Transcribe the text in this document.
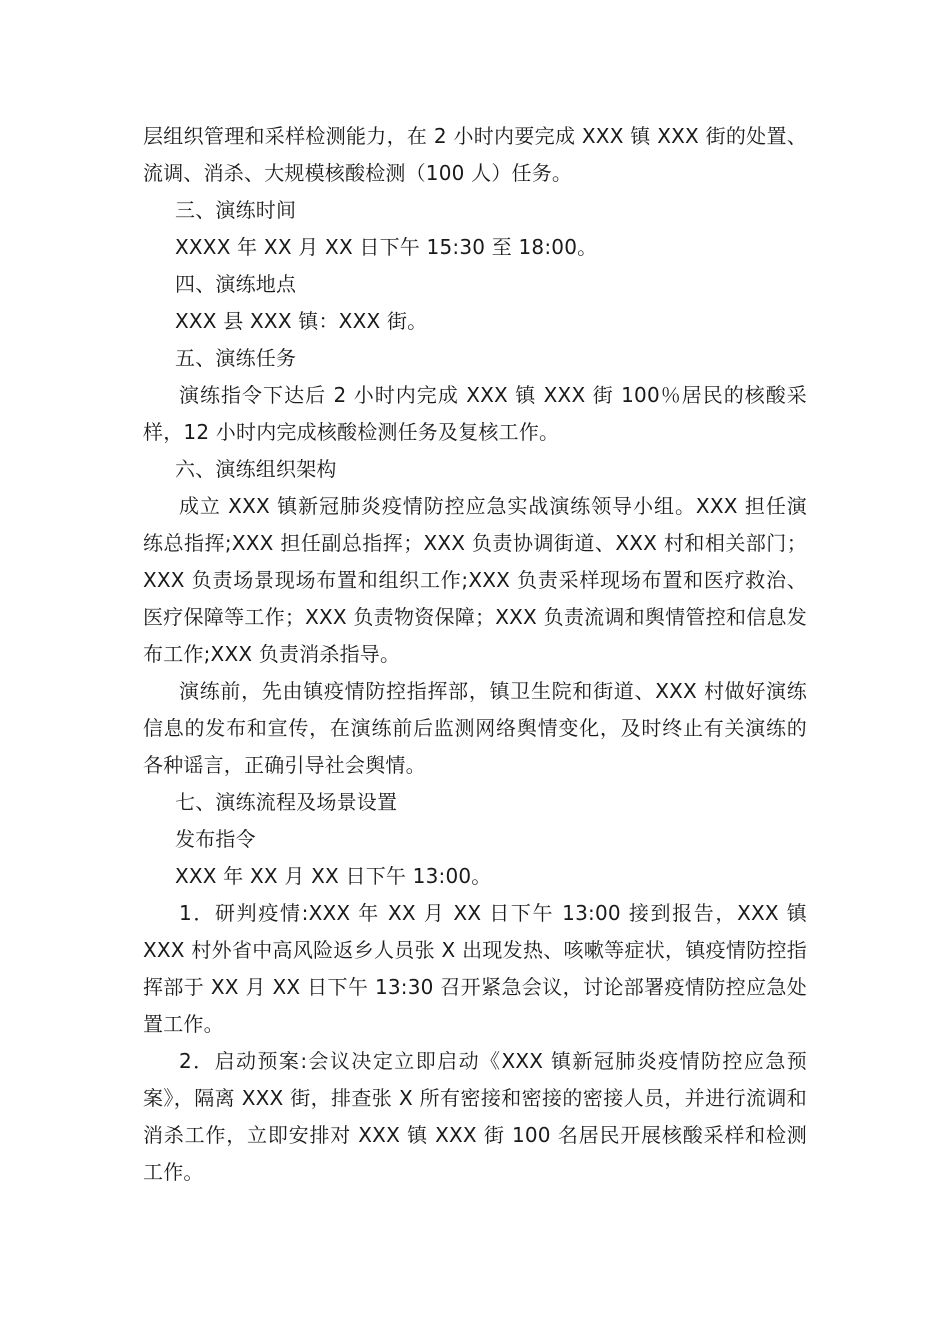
层组织管理和采样检测能力，在 2 小时内要完成 XXX 镇 XXX 街的处置、流调、消杀、大规模核酸检测（100 人）任务。

三、演练时间

XXXX 年 XX 月 XX 日下午 15:30 至 18:00。

四、演练地点

XXX 县 XXX 镇：XXX 街。

五、演练任务

演练指令下达后 2 小时内完成 XXX 镇 XXX 街 100％居民的核酸采样，12 小时内完成核酸检测任务及复核工作。

六、演练组织架构

成立 XXX 镇新冠肺炎疫情防控应急实战演练领导小组。XXX 担任演练总指挥;XXX 担任副总指挥；XXX 负责协调街道、XXX 村和相关部门；XXX 负责场景现场布置和组织工作;XXX 负责采样现场布置和医疗救治、医疗保障等工作；XXX 负责物资保障；XXX 负责流调和舆情管控和信息发布工作;XXX 负责消杀指导。

演练前，先由镇疫情防控指挥部，镇卫生院和街道、XXX 村做好演练信息的发布和宣传，在演练前后监测网络舆情变化，及时终止有关演练的各种谣言，正确引导社会舆情。

七、演练流程及场景设置

发布指令

XXX 年 XX 月 XX 日下午 13:00。

1．研判疫情:XXX 年 XX 月 XX 日下午 13:00 接到报告，XXX 镇 XXX 村外省中高风险返乡人员张 X 出现发热、咳嗽等症状，镇疫情防控指挥部于 XX 月 XX 日下午 13:30 召开紧急会议，讨论部署疫情防控应急处置工作。

2．启动预案:会议决定立即启动《XXX 镇新冠肺炎疫情防控应急预案》，隔离 XXX 街，排查张 X 所有密接和密接的密接人员，并进行流调和消杀工作，立即安排对 XXX 镇 XXX 街 100 名居民开展核酸采样和检测工作。
